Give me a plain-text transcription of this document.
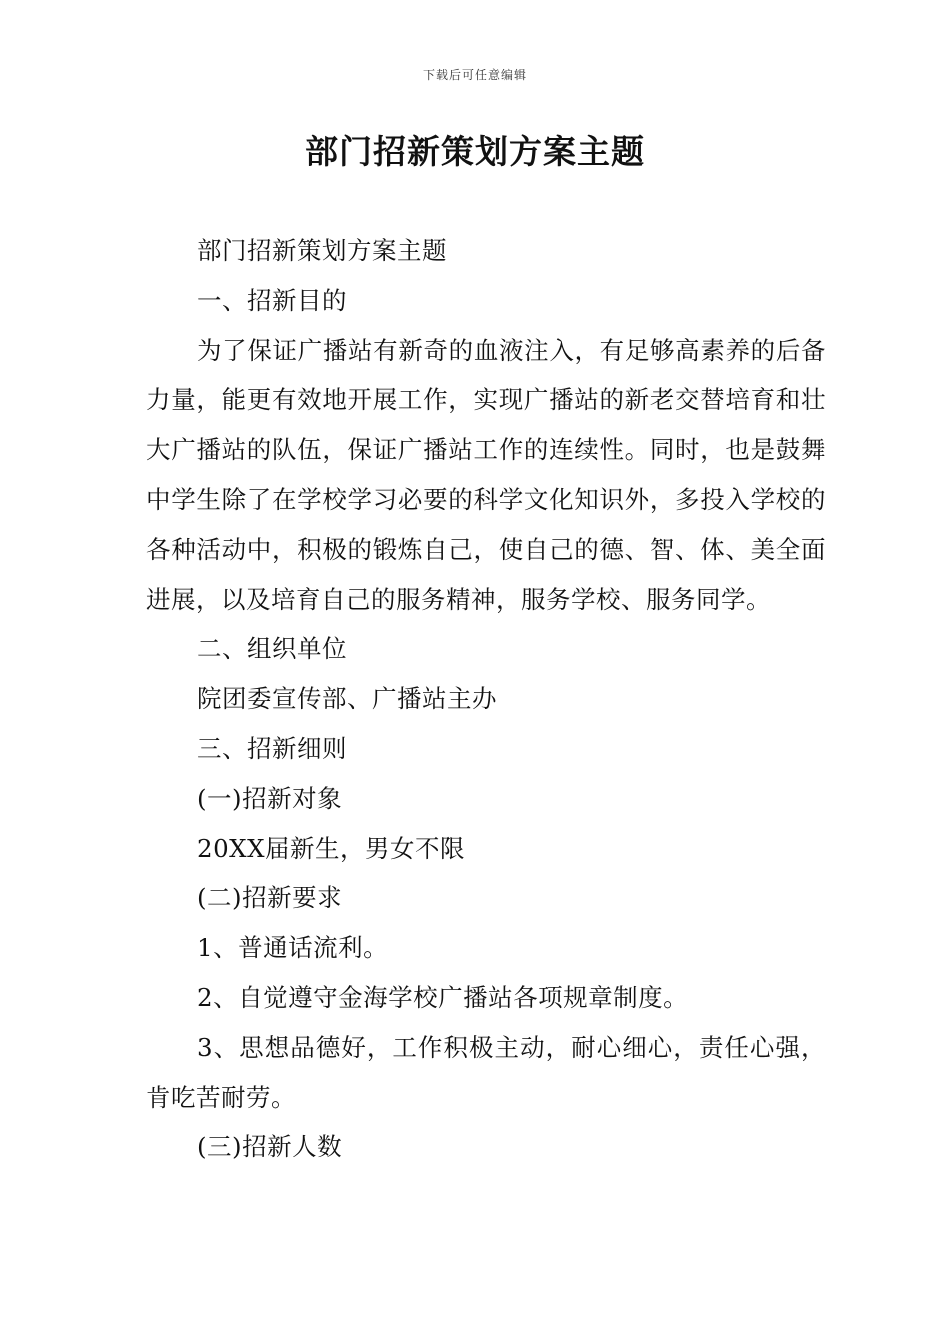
下载后可任意编辑
部门招新策划方案主题

部门招新策划方案主题

一、招新目的

为了保证广播站有新奇的血液注入，有足够高素养的后备力量，能更有效地开展工作，实现广播站的新老交替培育和壮大广播站的队伍，保证广播站工作的连续性。同时，也是鼓舞中学生除了在学校学习必要的科学文化知识外，多投入学校的各种活动中，积极的锻炼自己，使自己的德、智、体、美全面进展，以及培育自己的服务精神，服务学校、服务同学。

二、组织单位

院团委宣传部、广播站主办

三、招新细则

(一)招新对象

20XX届新生，男女不限

(二)招新要求

1、普通话流利。

2、自觉遵守金海学校广播站各项规章制度。

3、思想品德好，工作积极主动，耐心细心，责任心强，肯吃苦耐劳。

(三)招新人数
